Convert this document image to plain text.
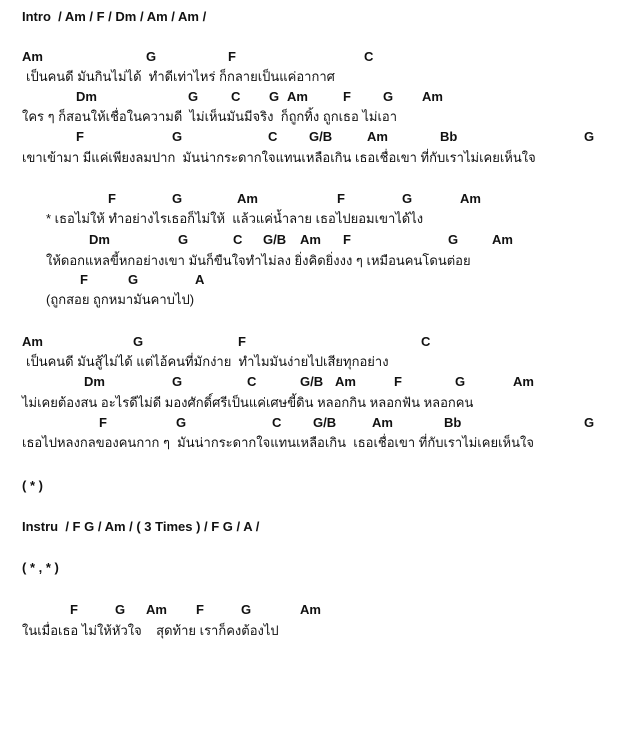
Intro  / Am / F / Dm / Am / Am /

Am

	G

	F

	C

เป็นคนดี มันกินไม่ได้  ทำดีเท่าไหร่ ก็กลายเป็นแค่อากาศ

Dm

	G

	C

G

Am

	F

G

Am

ใคร ๆ ก็สอนให้เชื่อในความดี  ไม่เห็นมันมีจริง  ก็ถูกทิ้ง ถูกเธอ ไม่เอา

F

	G

	C

G/B

	Am

	Bb

	G

เขาเข้ามา มีแค่เพียงลมปาก  มันน่ากระดากใจแทนเหลือเกิน เธอเชื่อเขา ที่กับเราไม่เคยเห็นใจ

F

	G

	Am

	F

	G

	Am

* เธอไม่ให้ ทำอย่างไรเธอก็ไม่ให้  แล้วแค่น้ำลาย เธอไปยอมเขาได้ไง

Dm

	G

	C

G/B

Am

F

	G

	Am

ให้ดอกแหลขี้หกอย่างเขา มันก็ขืนใจทำไม่ลง ยิ่งคิดยิ่งงง ๆ เหมือนคนโดนต่อย

F

	G

	A

(ถูกสอย ถูกหมามันคาบไป)

Am

	G

	F

	C

เป็นคนดี มันสู้ไม่ได้ แต่ไอ้คนที่มักง่าย  ทำไมมันง่ายไปเสียทุกอย่าง

Dm

	G

	C

	G/B

Am

	F

	G

	Am

ไม่เคยต้องสน อะไรดีไม่ดี มองศักดิ์ศรีเป็นแค่เศษขี้ดิน หลอกกิน หลอกฟัน หลอกคน

F

	G

	C

G/B

	Am

	Bb

	G

เธอไปหลงกลของคนกาก ๆ  มันน่ากระดากใจแทนเหลือเกิน  เธอเชื่อเขา ที่กับเราไม่เคยเห็นใจ
( * )
Instru  / F G / Am / ( 3 Times ) / F G / A /
( * , * )

F

	G

Am

F

	G

	Am

ในเมื่อเธอ ไม่ให้หัวใจ    สุดท้าย เราก็คงต้องไป
